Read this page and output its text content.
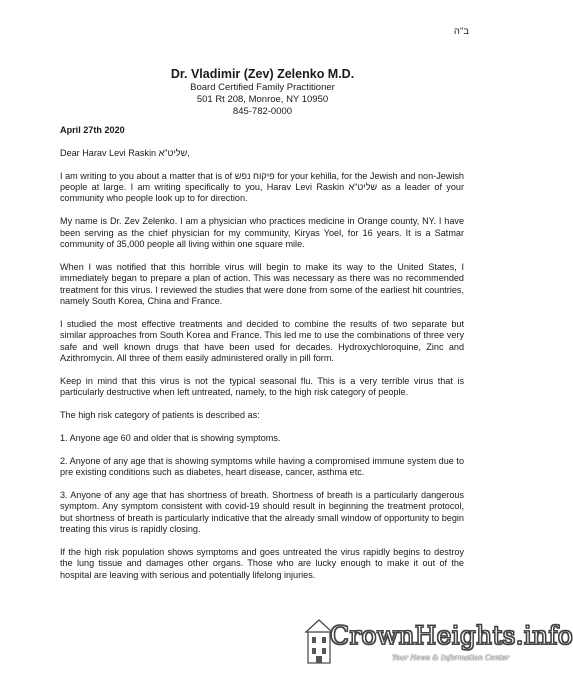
ב"ה
Dr. Vladimir (Zev) Zelenko M.D.
Board Certified Family Practitioner
501 Rt 208, Monroe, NY 10950
845-782-0000

April 27th 2020

Dear Harav Levi Raskin שליט"א,

I am writing to you about a matter that is of פיקוח נפש for your kehilla, for the Jewish and non-Jewish people at large. I am writing specifically to you, Harav Levi Raskin שליט"א as a leader of your community who people look up to for direction.

My name is Dr. Zev Zelenko. I am a physician who practices medicine in Orange county, NY. I have been serving as the chief physician for my community, Kiryas Yoel, for 16 years. It is a Satmar community of 35,000 people all living within one square mile.

When I was notified that this horrible virus will begin to make its way to the United States, I immediately began to prepare a plan of action. This was necessary as there was no recommended treatment for this virus. I reviewed the studies that were done from some of the earliest hit countries, namely South Korea, China and France.

I studied the most effective treatments and decided to combine the results of two separate but similar approaches from South Korea and France. This led me to use the combinations of three very safe and well known drugs that have been used for decades. Hydroxychloroquine, Zinc and Azithromycin. All three of them easily administered orally in pill form.

Keep in mind that this virus is not the typical seasonal flu. This is a very terrible virus that is particularly destructive when left untreated, namely, to the high risk category of people.

The high risk category of patients is described as:

1. Anyone age 60 and older that is showing symptoms.

2. Anyone of any age that is showing symptoms while having a compromised immune system due to pre existing conditions such as diabetes, heart disease, cancer, asthma etc.

3. Anyone of any age that has shortness of breath. Shortness of breath is a particularly dangerous symptom. Any symptom consistent with covid-19 should result in beginning the treatment protocol, but shortness of breath is particularly indicative that the already small window of opportunity to begin treating this virus is rapidly closing.

If the high risk population shows symptoms and goes untreated the virus rapidly begins to destroy the lung tissue and damages other organs. Those who are lucky enough to make it out of the hospital are leaving with serious and potentially lifelong injuries.

CrownHeights.info
Your News & Information Center
